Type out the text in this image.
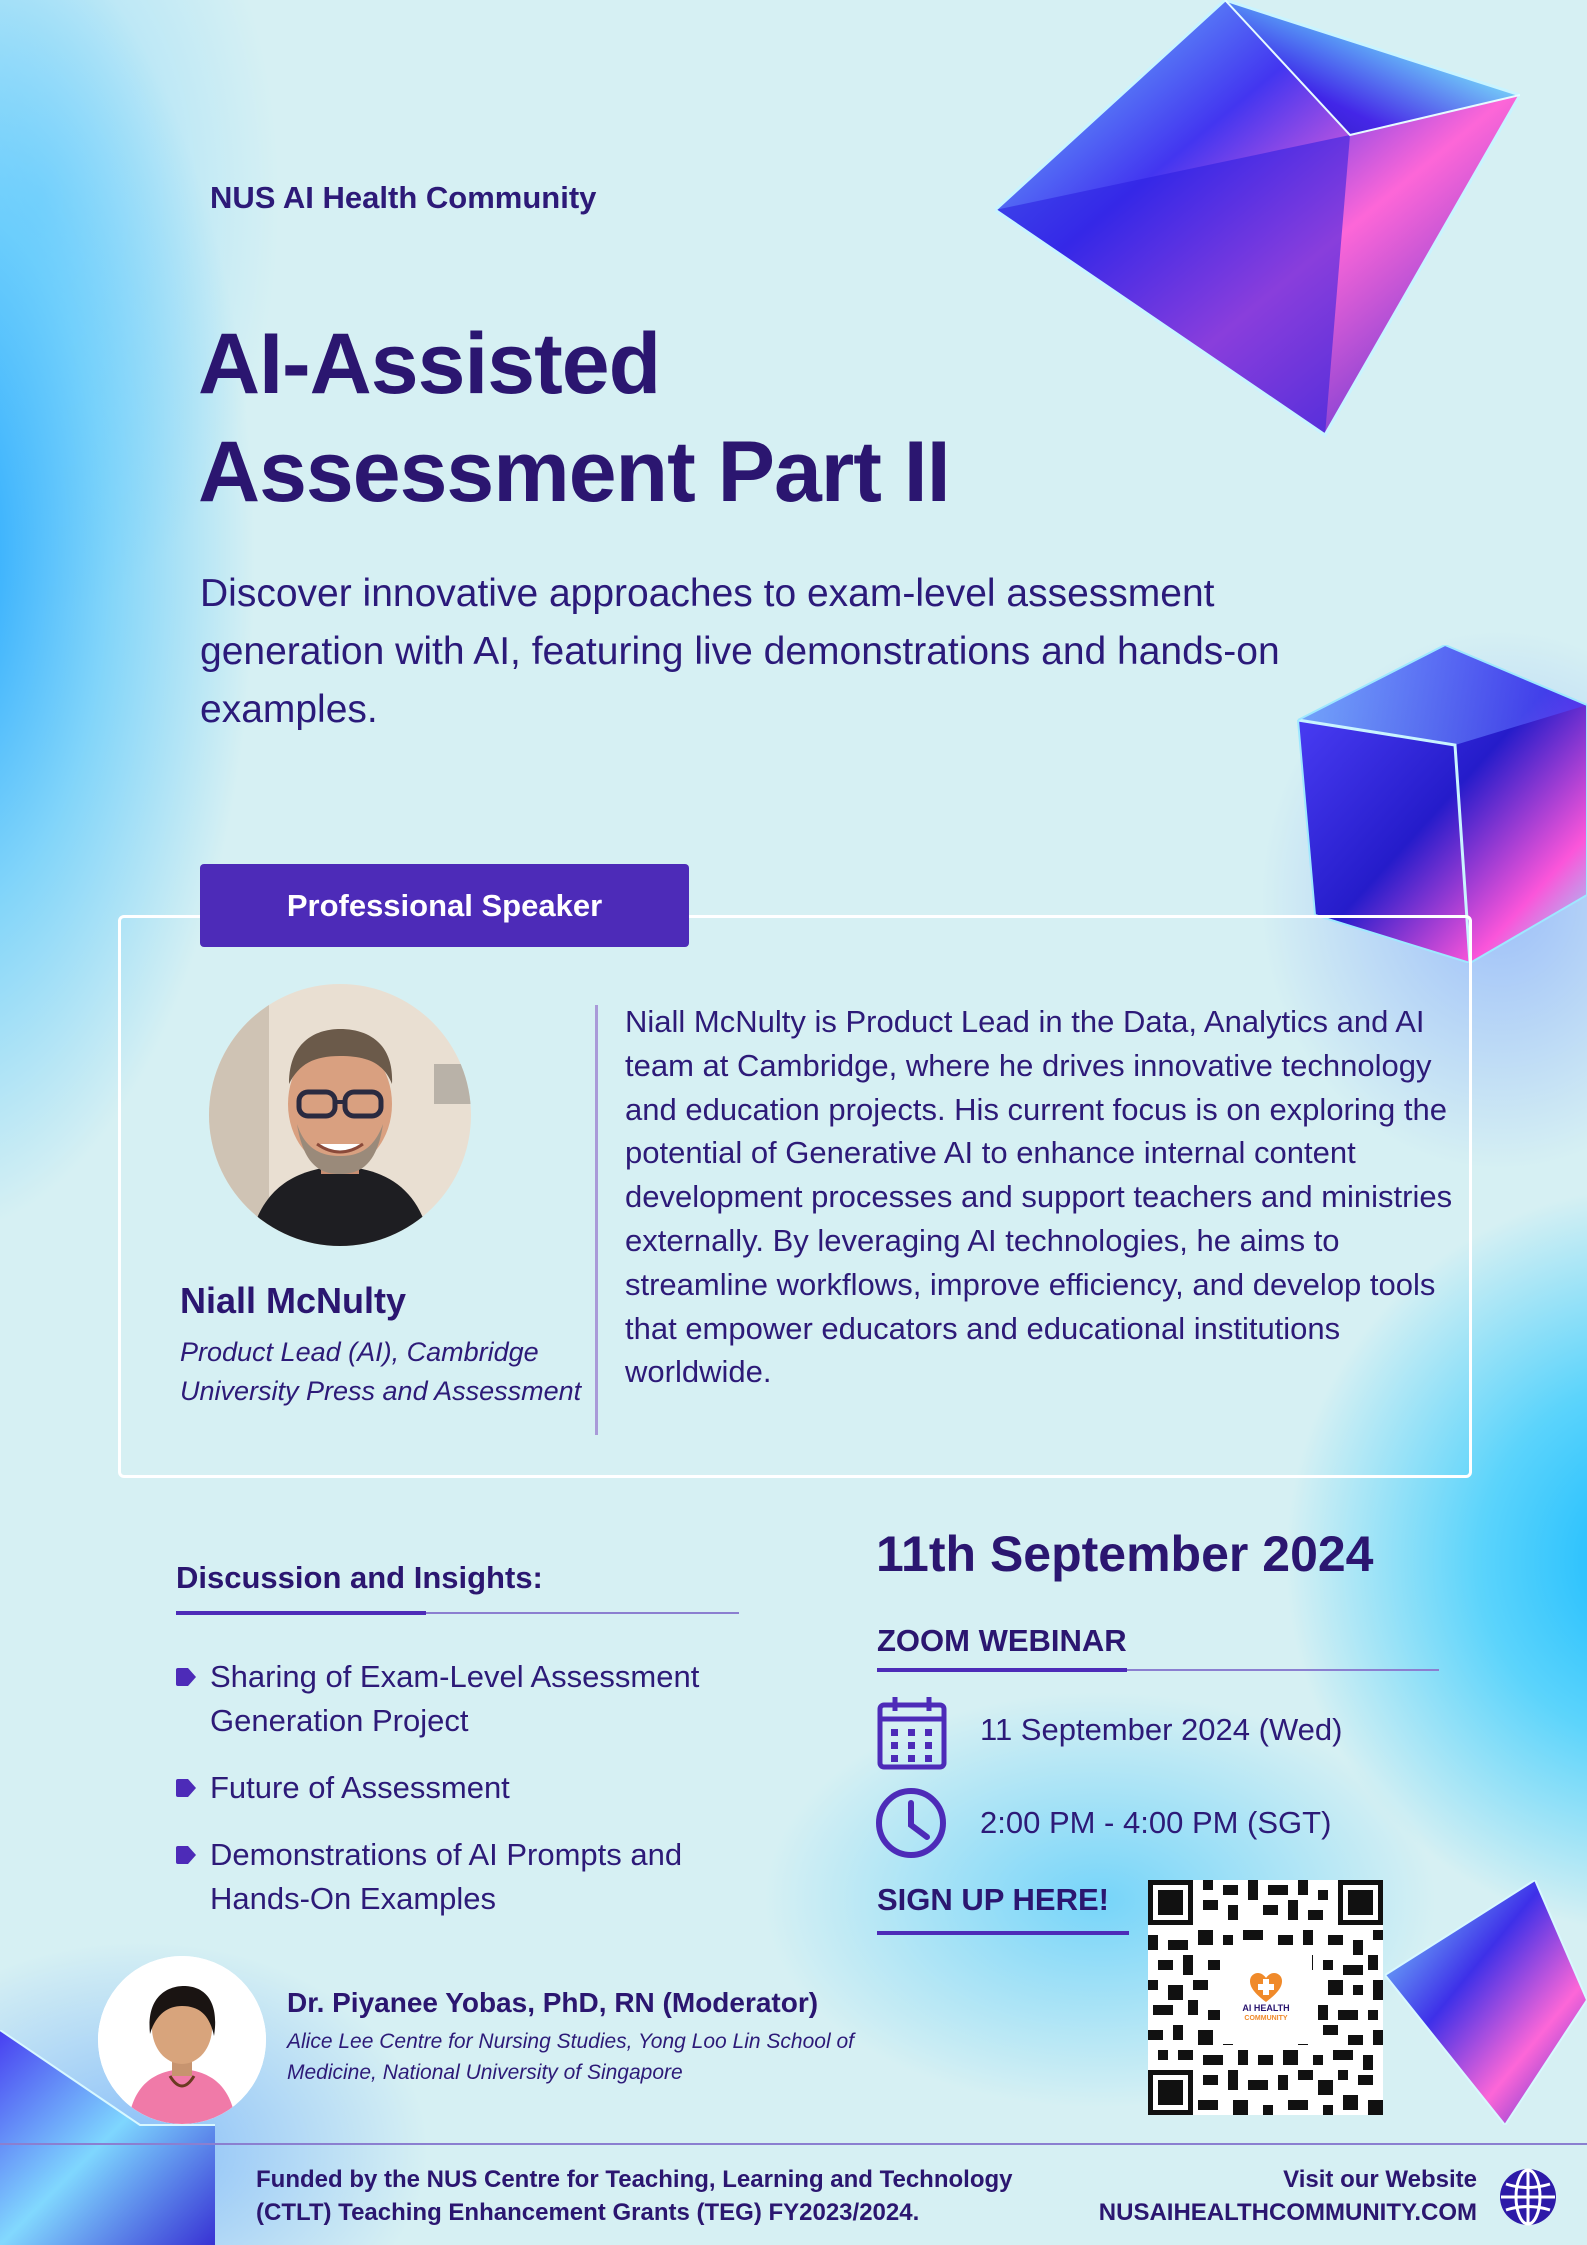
NUS AI Health Community
AI-Assisted
Assessment Part II

Discover innovative approaches to exam-level assessment generation with AI, featuring live demonstrations and hands-on examples.

Professional Speaker
Niall McNulty
Product Lead (AI), Cambridge University Press and Assessment

Niall McNulty is Product Lead in the Data, Analytics and AI team at Cambridge, where he drives innovative technology and education projects. His current focus is on exploring the potential of Generative AI to enhance internal content development processes and support teachers and ministries externally. By leveraging AI technologies, he aims to streamline workflows, improve efficiency, and develop tools that empower educators and educational institutions worldwide.

Discussion and Insights:
Sharing of Exam-Level Assessment Generation Project
Future of Assessment
Demonstrations of AI Prompts and Hands-On Examples
11th September 2024
ZOOM WEBINAR
11 September 2024 (Wed)
2:00 PM - 4:00 PM (SGT)
SIGN UP HERE!
AI HEALTH
COMMUNITY
Dr. Piyanee Yobas, PhD, RN (Moderator)
Alice Lee Centre for Nursing Studies, Yong Loo Lin School of Medicine, National University of Singapore
Funded by the NUS Centre for Teaching, Learning and Technology
(CTLT) Teaching Enhancement Grants (TEG) FY2023/2024.
Visit our Website
NUSAIHEALTHCOMMUNITY.COM
